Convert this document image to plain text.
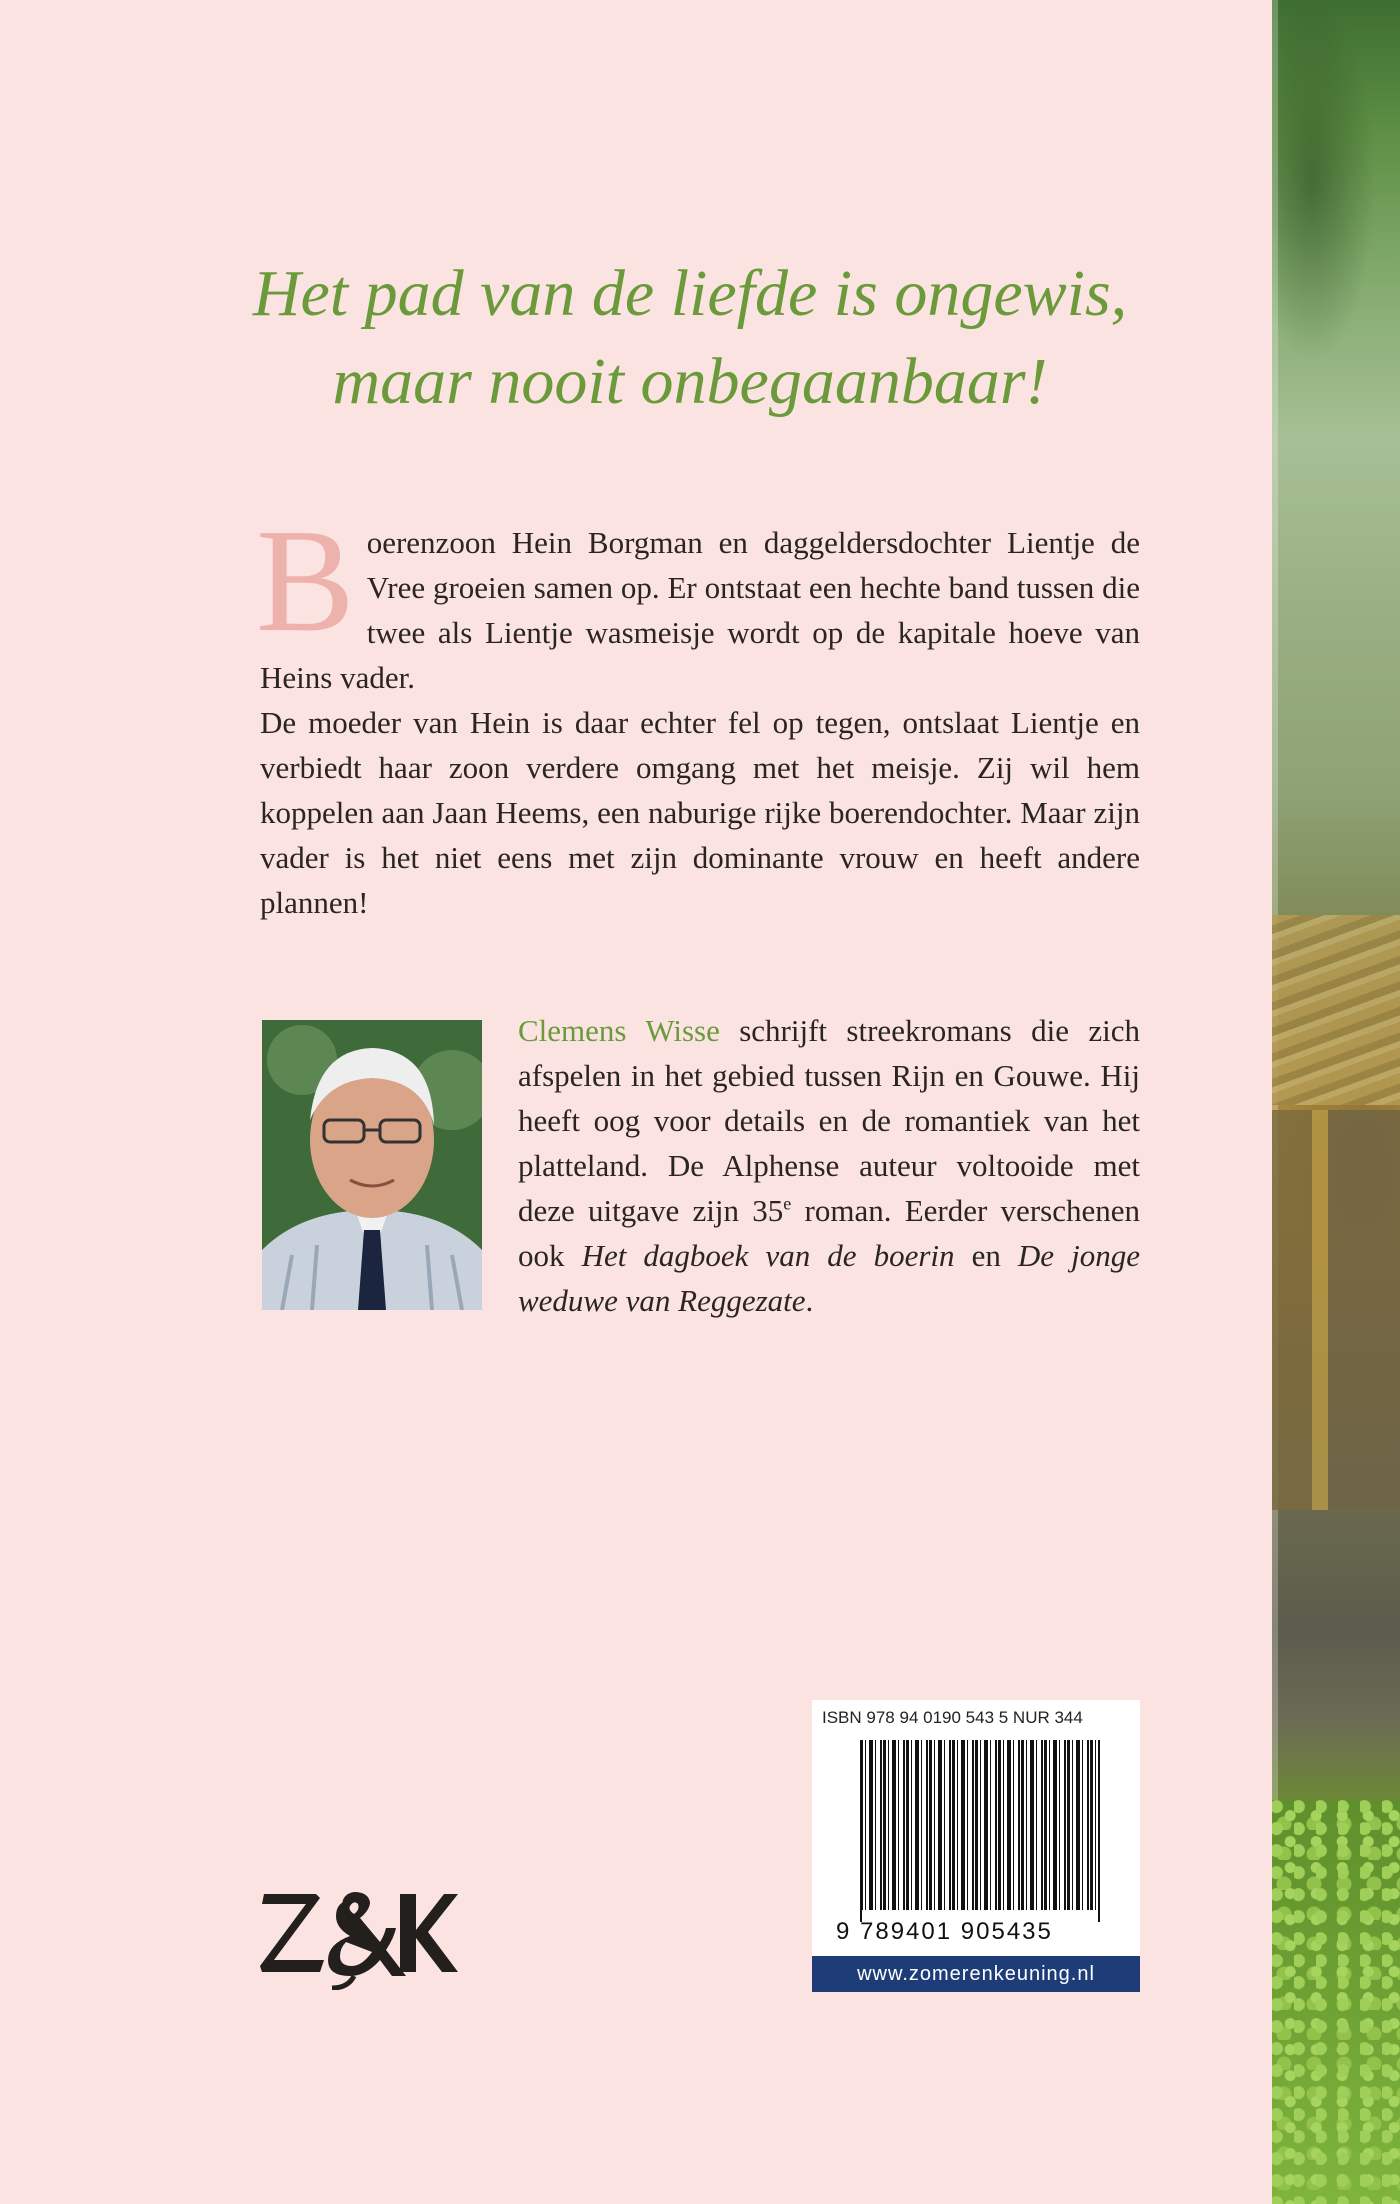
Het pad van de liefde is ongewis,
maar nooit onbegaanbaar!

Boerenzoon Hein Borgman en daggeldersdochter Lientje de Vree groeien samen op. Er ontstaat een hechte band tussen die twee als Lientje wasmeisje wordt op de kapitale hoeve van Heins vader.

De moeder van Hein is daar echter fel op tegen, ontslaat Lientje en verbiedt haar zoon verdere omgang met het meisje. Zij wil hem koppelen aan Jaan Heems, een naburige rijke boerendochter. Maar zijn vader is het niet eens met zijn dominante vrouw en heeft andere plannen!

Clemens Wisse schrijft streekromans die zich afspelen in het gebied tussen Rijn en Gouwe. Hij heeft oog voor details en de romantiek van het platteland. De Alphense auteur voltooide met deze uitgave zijn 35e roman. Eerder verschenen ook Het dagboek van de boerin en De jonge weduwe van Reggezate.

ISBN 978 94 0190 543 5 NUR 344
9 789401 905435
www.zomerenkeuning.nl
